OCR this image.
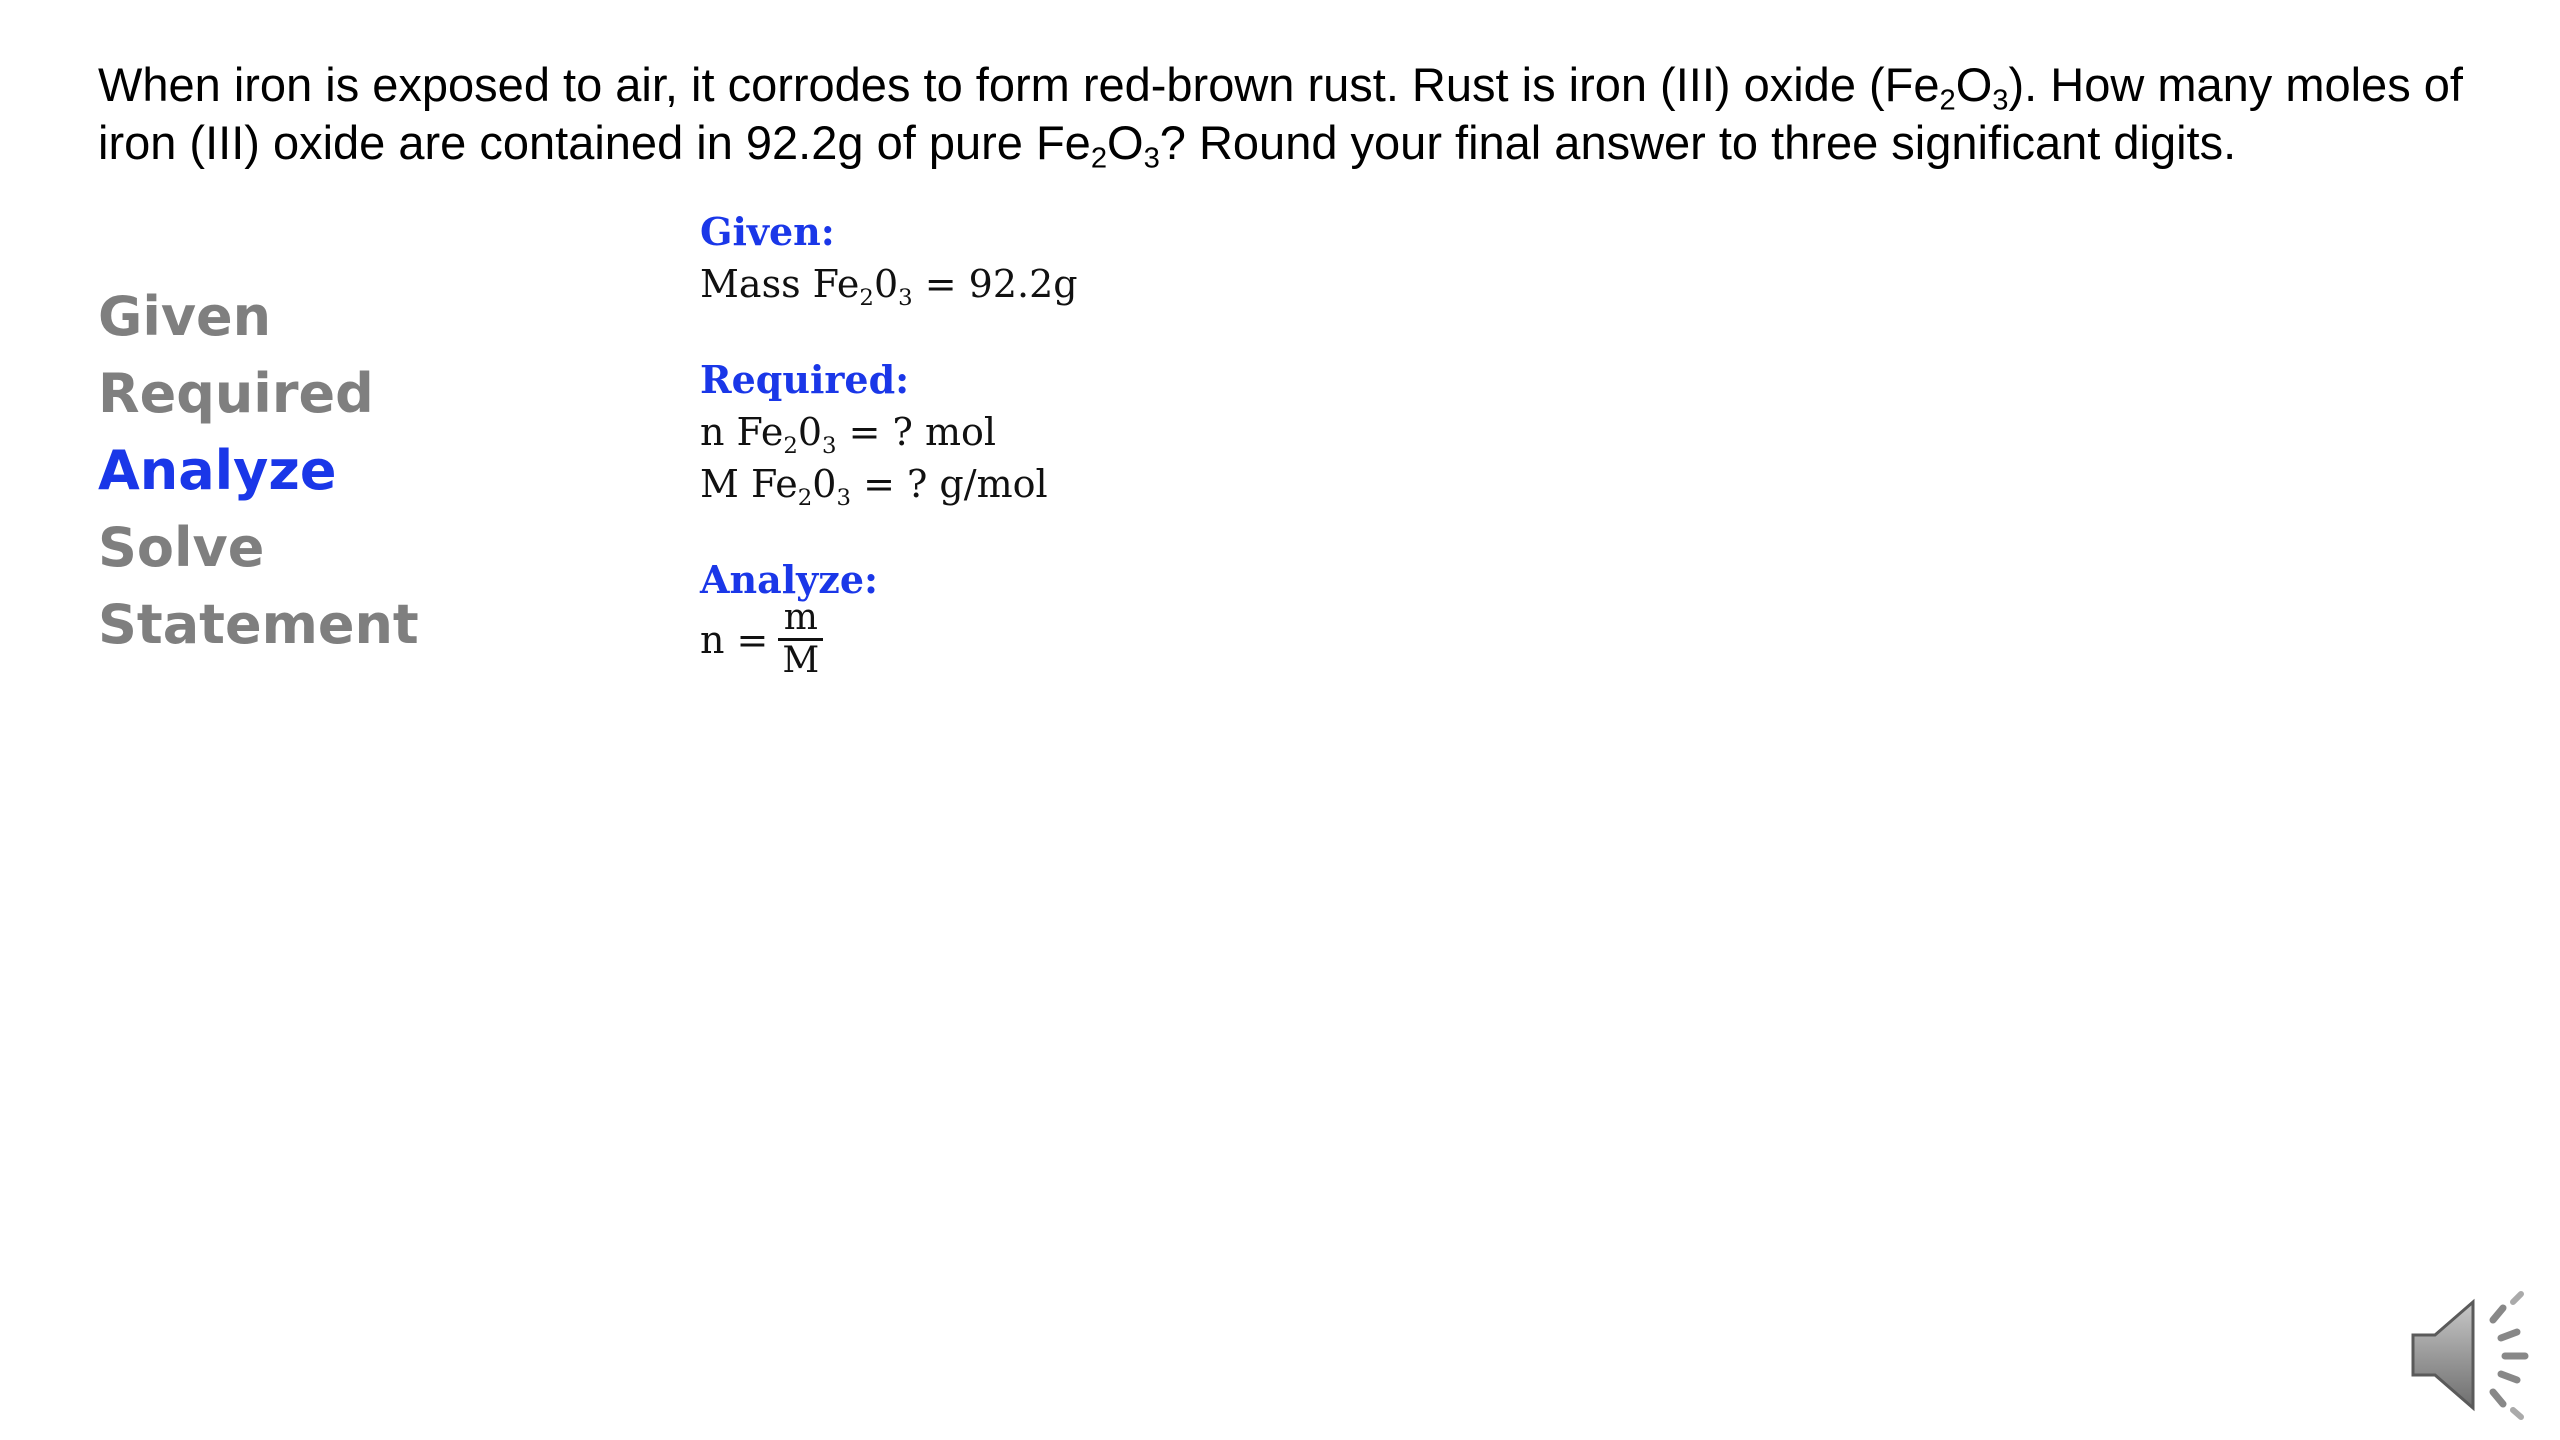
When iron is exposed to air, it corrodes to form red-brown rust. Rust is iron (III) oxide $(Fe_2O_3)$. How many moles of iron (III) oxide are contained in 92.2g of pure $Fe_2O_3$? Round your final answer to three significant digits.

Given
Required
Analyze
Solve
Statement
Given:
Mass $Fe_20_3 = 92.2g$
Required:
n $Fe_20_3$ = ? mol
M $Fe_20_3$ = ? g/mol
Analyze:
$n = \frac{m}{M}$
